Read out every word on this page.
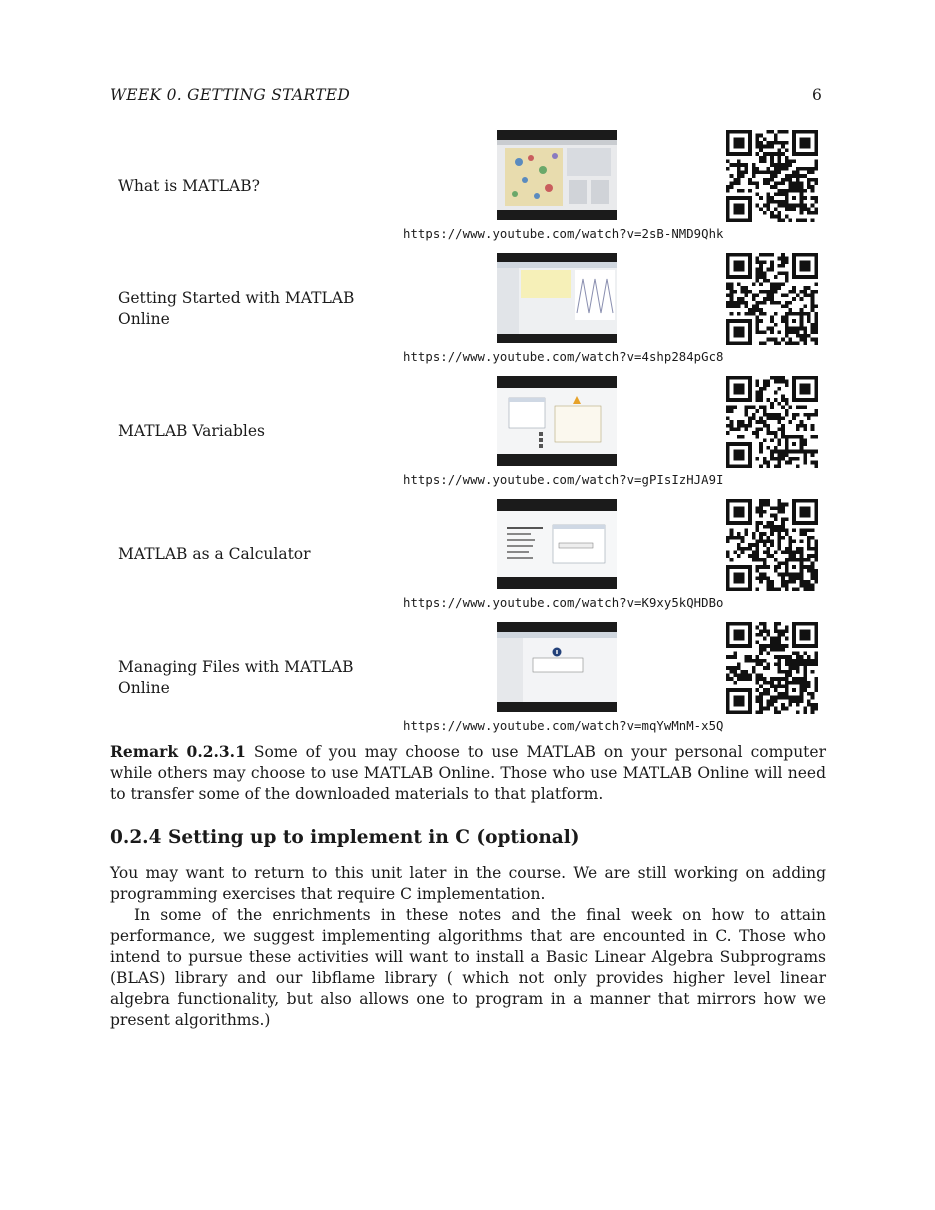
WEEK 0. GETTING STARTED	6
What is MATLAB?
https://www.youtube.com/watch?v=2sB-NMD9Qhk
Getting Started with MATLAB Online
https://www.youtube.com/watch?v=4shp284pGc8
MATLAB Variables
https://www.youtube.com/watch?v=gPIsIzHJA9I
MATLAB as a Calculator
https://www.youtube.com/watch?v=K9xy5kQHDBo
Managing Files with MATLAB Online
https://www.youtube.com/watch?v=mqYwMnM-x5Q
Remark 0.2.3.1 Some of you may choose to use MATLAB on your personal computer while others may choose to use MATLAB Online. Those who use MATLAB Online will need to transfer some of the downloaded materials to that platform.
0.2.4 Setting up to implement in C (optional)
You may want to return to this unit later in the course. We are still working on adding programming exercises that require C implementation.
In some of the enrichments in these notes and the final week on how to attain performance, we suggest implementing algorithms that are encounted in C. Those who intend to pursue these activities will want to install a Basic Linear Algebra Subprograms (BLAS) library and our libflame library ( which not only provides higher level linear algebra functionality, but also allows one to program in a manner that mirrors how we present algorithms.)
